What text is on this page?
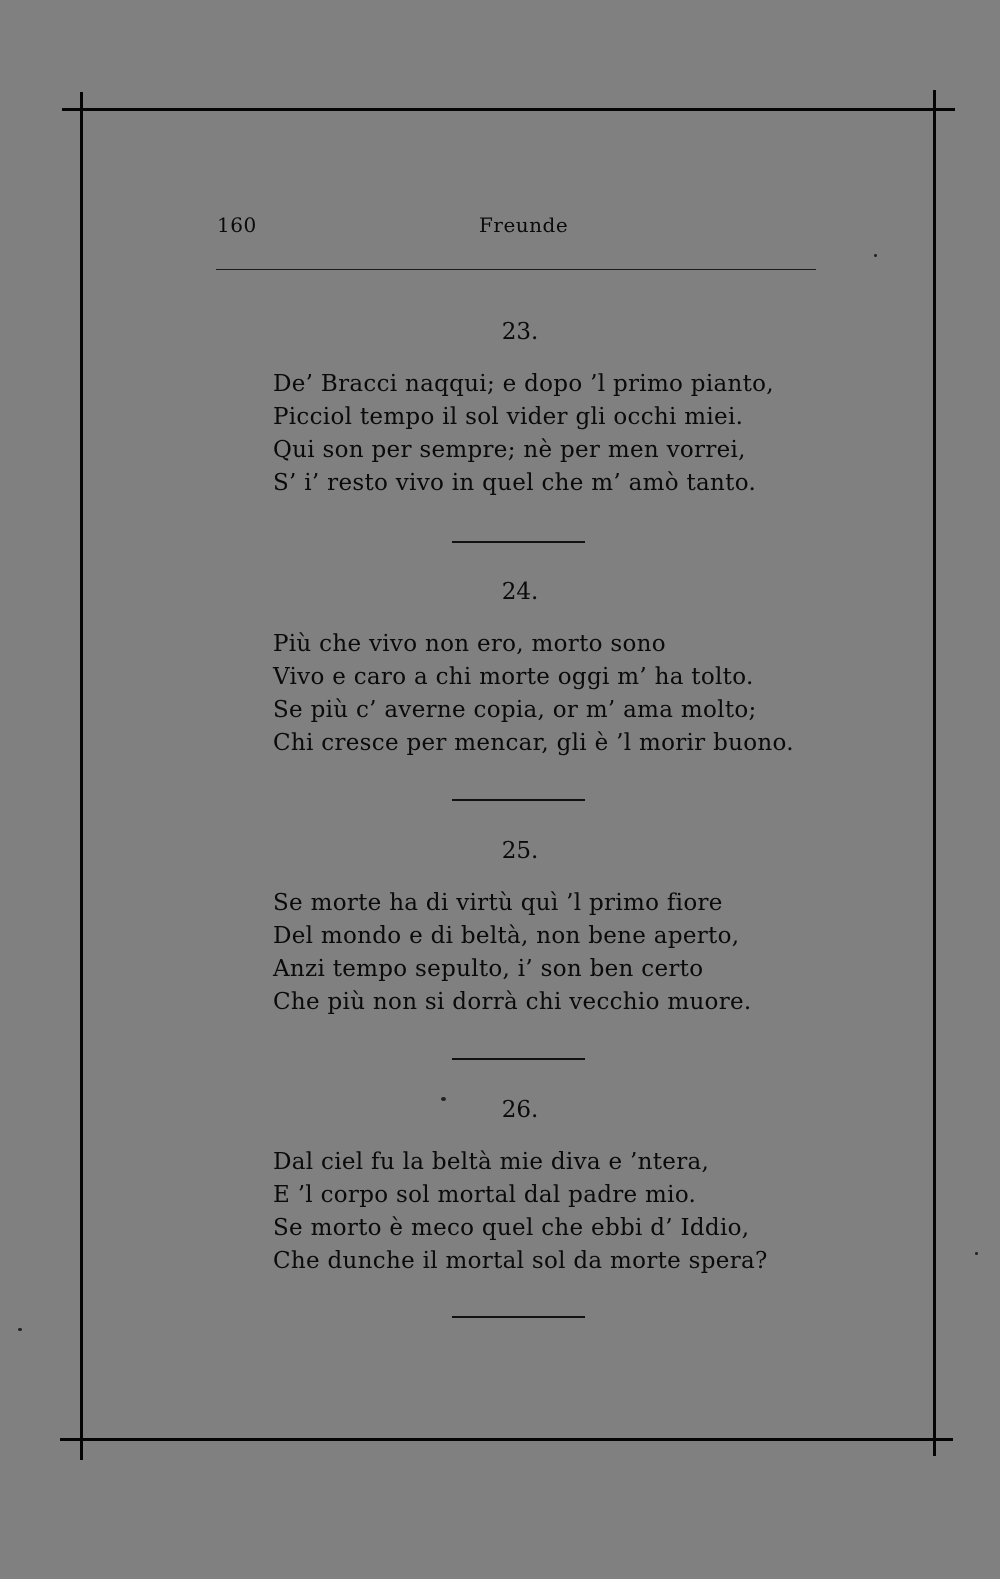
160	Freunde
23.
De’ Bracci naqqui; e dopo ’l primo pianto,
Picciol tempo il sol vider gli occhi miei.
Qui son per sempre; nè per men vorrei,
S’ i’ resto vivo in quel che m’ amò tanto.
24.
Più che vivo non ero, morto sono
Vivo e caro a chi morte oggi m’ ha tolto.
Se più c’ averne copia, or m’ ama molto;
Chi cresce per mencar, gli è ’l morir buono.
25.
Se morte ha di virtù quì ’l primo fiore
Del mondo e di beltà, non bene aperto,
Anzi tempo sepulto, i’ son ben certo
Che più non si dorrà chi vecchio muore.
26.
Dal ciel fu la beltà mie diva e ’ntera,
E ’l corpo sol mortal dal padre mio.
Se morto è meco quel che ebbi d’ Iddio,
Che dunche il mortal sol da morte spera?
